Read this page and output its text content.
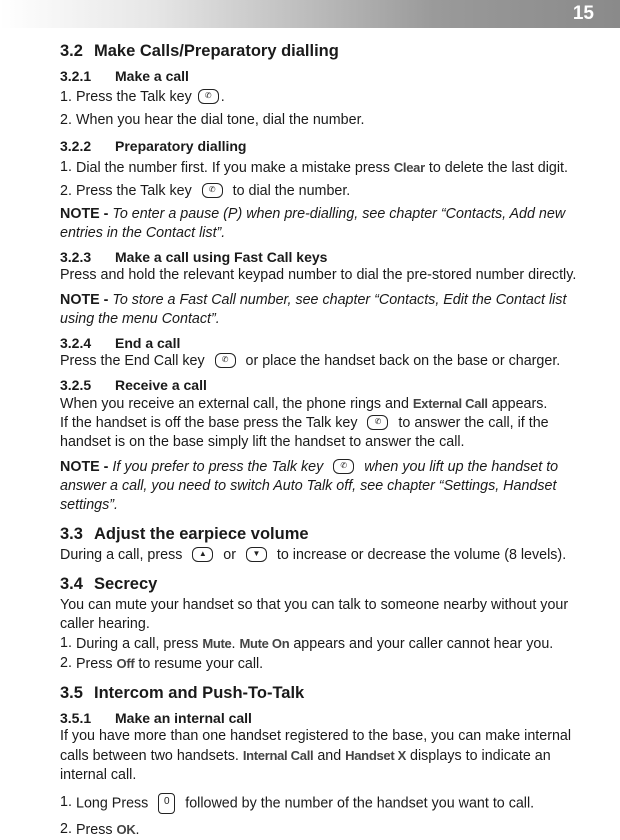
15
3.2 Make Calls/Preparatory dialling
3.2.1 Make a call
1. Press the Talk key	✆ .
2. When you hear the dial tone, dial the number.
3.2.2 Preparatory dialling
1. Dial the number first. If you make a mistake press Clear to delete the last digit.
2. Press the Talk key	✆	to dial the number.
NOTE - To enter a pause (P) when pre-dialling, see chapter “Contacts, Add new
entries in the Contact list”.
3.2.3 Make a call using Fast Call keys
Press and hold the relevant keypad number to dial the pre-stored number directly.
NOTE - To store a Fast Call number, see chapter “Contacts, Edit the Contact list
using the menu Contact”.
3.2.4 End a call
Press the End Call key	✆	or place the handset back on the base or charger.
3.2.5 Receive a call
When you receive an external call, the phone rings and External Call appears.
If the handset is off the base press the Talk key	✆	to answer the call, if the
handset is on the base simply lift the handset to answer the call.
NOTE - If you prefer to press the Talk key	✆	when you lift up the handset to
answer a call, you need to switch Auto Talk off, see chapter “Settings, Handset
settings”.
3.3 Adjust the earpiece volume
During a call, press	▲	or	▼	to increase or decrease the volume (8 levels).
3.4 Secrecy
You can mute your handset so that you can talk to someone nearby without your
caller hearing.
1. During a call, press Mute. Mute On appears and your caller cannot hear you.
2. Press Off to resume your call.
3.5 Intercom and Push-To-Talk
3.5.1 Make an internal call
If you have more than one handset registered to the base, you can make internal
calls between two handsets. Internal Call and Handset X displays to indicate an
internal call.
1. Long Press	0	followed by the number of the handset you want to call.
2. Press OK.
